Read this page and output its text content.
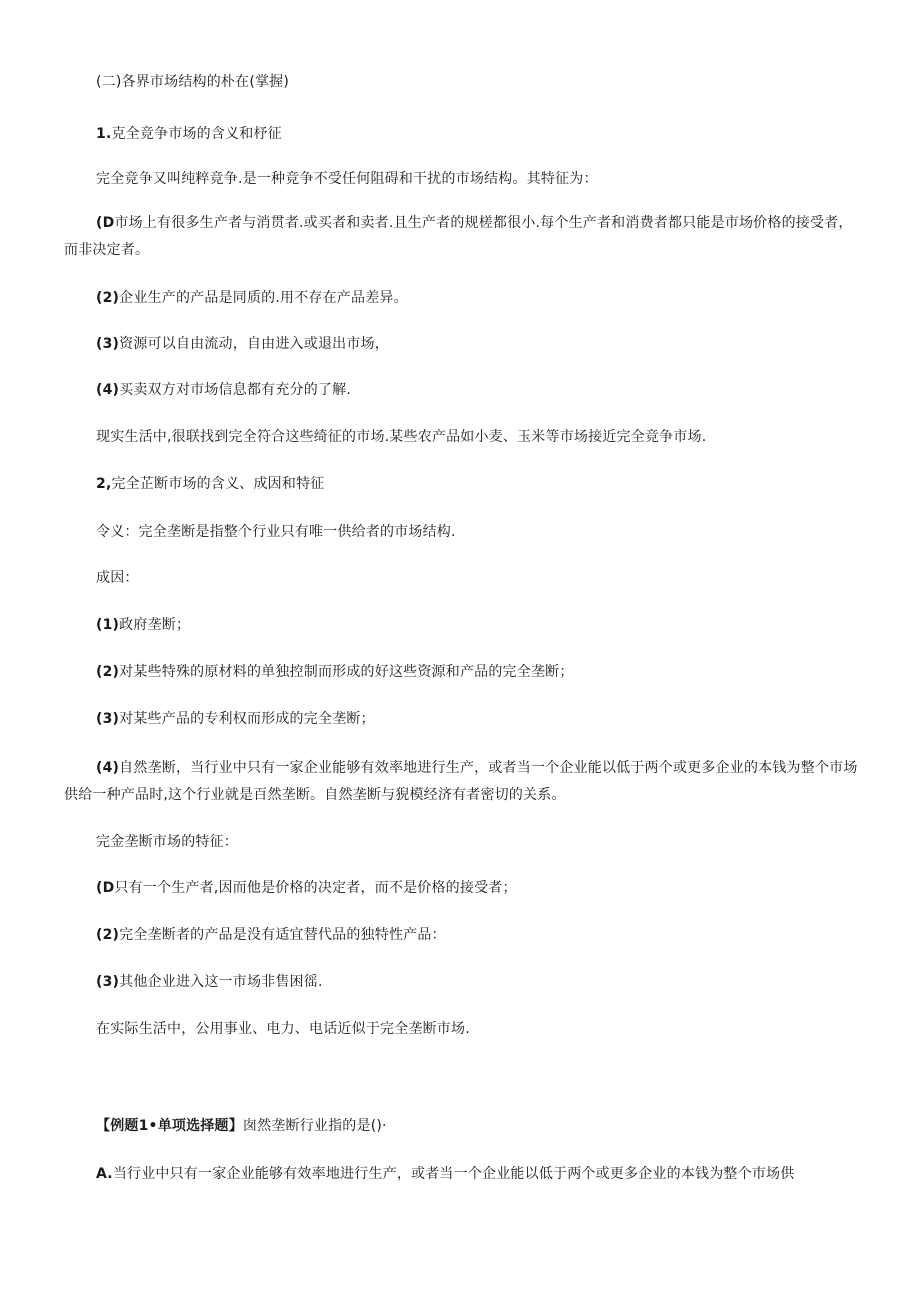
(二)各界市场结构的朴在(掌握)
1.克全竞争市场的含义和杼征
完全竞争又叫纯粹竞争.是一种竞争不受任何阻碍和干扰的市场结构。其特征为：
(D市场上有很多生产者与消贯者.或买者和卖者.且生产者的规槎都很小.每个生产者和消费者都只能是市场价格的接受者，而非决定者。
(2)企业生产的产品是同质的.用不存在产品差异。
(3)资源可以自由流动，自由进入或退出市场，
(4)买卖双方对市场信息都有充分的了解.
现实生活中,很联找到完全符合这些绮征的市场.某些农产品如小麦、玉米等市场接近完全竞争市场.
2,完全芷断市场的含义、成因和特征
令义：完全垄断是指整个行业只有唯一供给者的市场结构.
成因：
(1)政府垄断；
(2)对某些特殊的原材料的单独控制而形成的好这些资源和产品的完全垄断；
(3)对某些产品的专利权而形成的完全垄断；
(4)自然垄断，当行业中只有一家企业能够有效率地进行生产，或者当一个企业能以低于两个或更多企业的本钱为整个市场供给一种产品时,这个行业就是百然垄断。自然垄断与猊模经济有者密切的关系。
完金垄断市场的特征：
(D只有一个生产者,因而他是价格的决定者，而不是价格的接受者；
(2)完全垄断者的产品是没有适宜替代品的独特性产品：
(3)其他企业进入这一市场非售困徭.
在实际生活中，公用事业、电力、电话近似于完全垄断市场.
【例题1•单项选择题】囱然垄断行业指的是()·
A.当行业中只有一家企业能够有效率地进行生产，或者当一个企业能以低于两个或更多企业的本钱为整个市场供
